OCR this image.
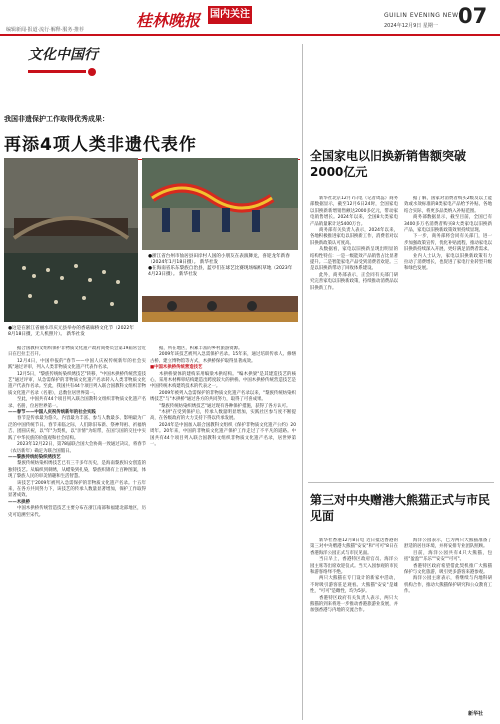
编辑新闻·报道·流行·解释·服务·推荐	桂林晚报 国内关注	GUILIN EVENING NEWS
2024年12月9日 星期一 07
文化中国行
我国非遗保护工作取得优秀成果：
再添4项人类非遗代表作
●这是在浙江省丽水市庆元县举办的香菇廊桥文化节（2022年8月18日摄，无人机照片）。 新华社发
●浙江省台州市仙居县田岸村人国的小朋友在表演舞龙，喜迎龙年新春（2024年1月18日摄）。 新华社发
●在海南省乐东黎族自治县，蓝亭们在球艺比赛现场编织草地（2023年4月23日摄）。 新华社发

据合国教科文组织保护非物质文化遗产政府间委员会第19届常会近日在巴拉圭召开。

12月4日，中国申报的"春节——中国人庆祝传统新年的社会实践"通过评审，列入人类非物质文化遗产代表作名录。

12月5日，"黎族传统纺染织绣技艺"转移，"中国木拱桥传统营造技艺"通过评审，从急需保护的非物质文化遗产名录转入人类非物质文化遗产代表作名录。至此，我国共有44个项目列入联合国教科文组织非物质文化遗产名录（名册），总数位居世界第一。

至此，中国共有44个项目列入联合国教科文组织非物质文化遗产名录、名册，位居世界第一。

——春节——中国人庆祝传统新年的社会实践

春节是传承最为悠久、内容最为丰富、参与人数最多、影响最为广泛的中国传统节日。春节来临之际，人们除旧布新、祭神拜祖、祈福纳吉、团圆庆祝，以"年"为契机，以"亲情"为纽带，在国与国的交往中实践了中华民族的价值观和社会结构。

2023年12月22日，第78届联合国大会协商一致通过决议，将春节（农历新年）确定为联合国假日。

——黎族传统纺染织绣技艺

黎族传统纺染织绣技艺已有三千多年历史，是海南黎族妇女创造的独特技艺。从编织到刺绣，从蜡染到扎染，黎族织锦有上百种图案，体现了黎族人民的审美情趣和生活智慧。

该技艺于2009年被列入急需保护的非物质文化遗产名录。十五年来，在各方共同努力下，该技艺的传承人数量显著增加，保护工作取得显著成效。

——木拱桥

中国木拱桥传统营造技艺主要分布在浙江南部和福建北部地区，历史可追溯至宋代。

据，所在地区，积累丰富的乡村旅游资源。

2009年该技艺被列入急需保护名录。15年来，通过培训传承人、修缮古桥、建立博物馆等方式，木拱桥保护取得显著成效。

■中国木拱桥传统营造技艺

木拱桥梁体的建构采用编梁木拱结构。"编木拱梁"是其建造技艺的核心，采用木材榫卯结构建造出跨度较大的拱桥。中国木拱桥传统营造技艺是中国传统木构建筑技术的代表之一。

2009年被列入急需保护的非物质文化遗产名录以来，"黎族传统纺染织绣技艺"与"木拱桥"通过各方的共同努力，取得了可喜成果。

"黎族传统纺染织绣技艺"通过现有各种保护措施，获得了各方认可。

"木拱"在受到保护后，传承人数量明显增加，实践社区参与度不断提高，在各级政府的大力支持下得以传承发展。

2024年是中国加入联合国教科文组织《保护非物质文化遗产公约》20周年。20年来，中国的非物质文化遗产保护工作走过了不平凡的道路。中国共有44个项目列入联合国教科文组织非物质文化遗产名录，居世界第一。

全国家电以旧换新销售额突破2000亿元

新华社北京12月7日电（记者周蕊）商务部数据显示，截至12月6日24时，全国家电以旧换新新增销售额达2000多亿元，带动家电销售增长。2024年以来，全国8大类家电产品销量累计达5400万台。

商务部有关负责人表示，2024年以来，各地积极推进家电以旧换新工作，消费者对以旧换新政策认可度高。

从数据看，家电以旧换新呈现出明显的结构性特点：一是一级能效产品销售占比显著提升。二是智能家电产品受到消费者欢迎。三是以旧换新带动了回收体系建设。

此外，商务部表示，正会同有关部门研究完善家电以旧换新政策，持续推动消费品以旧换新工作。

据了解，国家对消费者购买2级及以上能效或水效标准的8类家电产品给予补贴。各地结合实际，将更多品类纳入补贴范围。

商务部数据显示，截至目前，全国已有3400多万名消费者购买8大类家电以旧换新产品，家电以旧换新政策效果持续显现。

下一步，商务部将会同有关部门，进一步加强政策宣传，优化补贴流程，推动家电以旧换新持续深入开展，更好满足消费者需求。

业内人士认为，家电以旧换新政策有力拉动了消费增长，也促进了家电行业转型升级和绿色发展。

第三对中央赠港大熊猫正式与市民见面

新华社香港12月8日电 近日抵达香港的第三对中央赠港大熊猫"安安"和"可可"8日在香港海洋公园正式与市民见面。

当日早上，香港特区政府官员、海洋公园主席等出席欢迎仪式。当天入园参观的市民和游客络绎不绝。

两只大熊猫在专门设计的新家中活动，不时吸引游客驻足观看。大熊猫"安安"是雄性，"可可"是雌性，均为5岁。

香港特区政府有关负责人表示，两只大熊猫的到来将进一步推动香港旅游业发展，并加强香港与内地的交流合作。

海洋公园表示，已为两只大熊猫准备了舒适的居住环境，并将安排专业团队照顾。

目前，海洋公园共有4只大熊猫，包括"盈盈""乐乐""安安""可可"。

香港特区政府希望借此契机推广大熊猫保护与文化旅游，吸引更多游客来港参观。

海洋公园主席表示，将继续与内地科研机构合作，推动大熊猫保护研究和公众教育工作。

新华社
